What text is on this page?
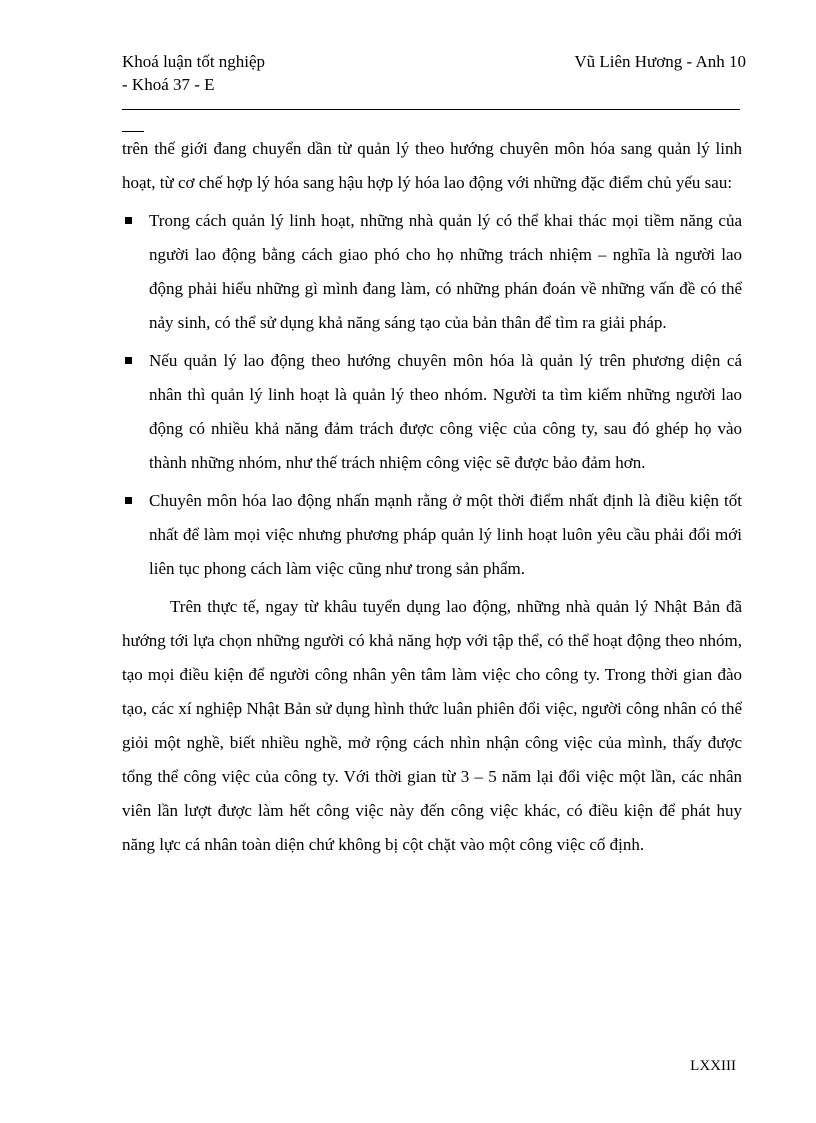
Khoá luận tốt nghiệp
- Khoá 37 - E
Vũ Liên Hương - Anh 10

trên thế giới đang chuyển dần từ quản lý theo hướng chuyên môn hóa sang quản lý linh hoạt, từ cơ chế hợp lý hóa sang hậu hợp lý hóa lao động với những đặc điểm chủ yếu sau:

Trong cách quản lý linh hoạt, những nhà quản lý có thể khai thác mọi tiềm năng của người lao động bằng cách giao phó cho họ những trách nhiệm – nghĩa là người lao động phải hiểu những gì mình đang làm, có những phán đoán về những vấn đề có thể nảy sinh, có thể sử dụng khả năng sáng tạo của bản thân để tìm ra giải pháp.
Nếu quản lý lao động theo hướng chuyên môn hóa là quản lý trên phương diện cá nhân thì quản lý linh hoạt là quản lý theo nhóm. Người ta tìm kiếm những người lao động có nhiều khả năng đảm trách được công việc của công ty, sau đó ghép họ vào thành những nhóm, như thế trách nhiệm công việc sẽ được bảo đảm hơn.
Chuyên môn hóa lao động nhấn mạnh rằng ở một thời điểm nhất định là điều kiện tốt nhất để làm mọi việc nhưng phương pháp quản lý linh hoạt luôn yêu cầu phải đổi mới liên tục phong cách làm việc cũng như trong sản phẩm.

Trên thực tế, ngay từ khâu tuyển dụng lao động, những nhà quản lý Nhật Bản đã hướng tới lựa chọn những người có khả năng hợp với tập thể, có thể hoạt động theo nhóm, tạo mọi điều kiện để người công nhân yên tâm làm việc cho công ty. Trong thời gian đào tạo, các xí nghiệp Nhật Bản sử dụng hình thức luân phiên đổi việc, người công nhân có thể giỏi một nghề, biết nhiều nghề, mở rộng cách nhìn nhận công việc của mình, thấy được tổng thể công việc của công ty. Với thời gian từ 3 – 5 năm lại đổi việc một lần, các nhân viên lần lượt được làm hết công việc này đến công việc khác, có điều kiện để phát huy năng lực cá nhân toàn diện chứ không bị cột chặt vào một công việc cố định.

LXXIII
